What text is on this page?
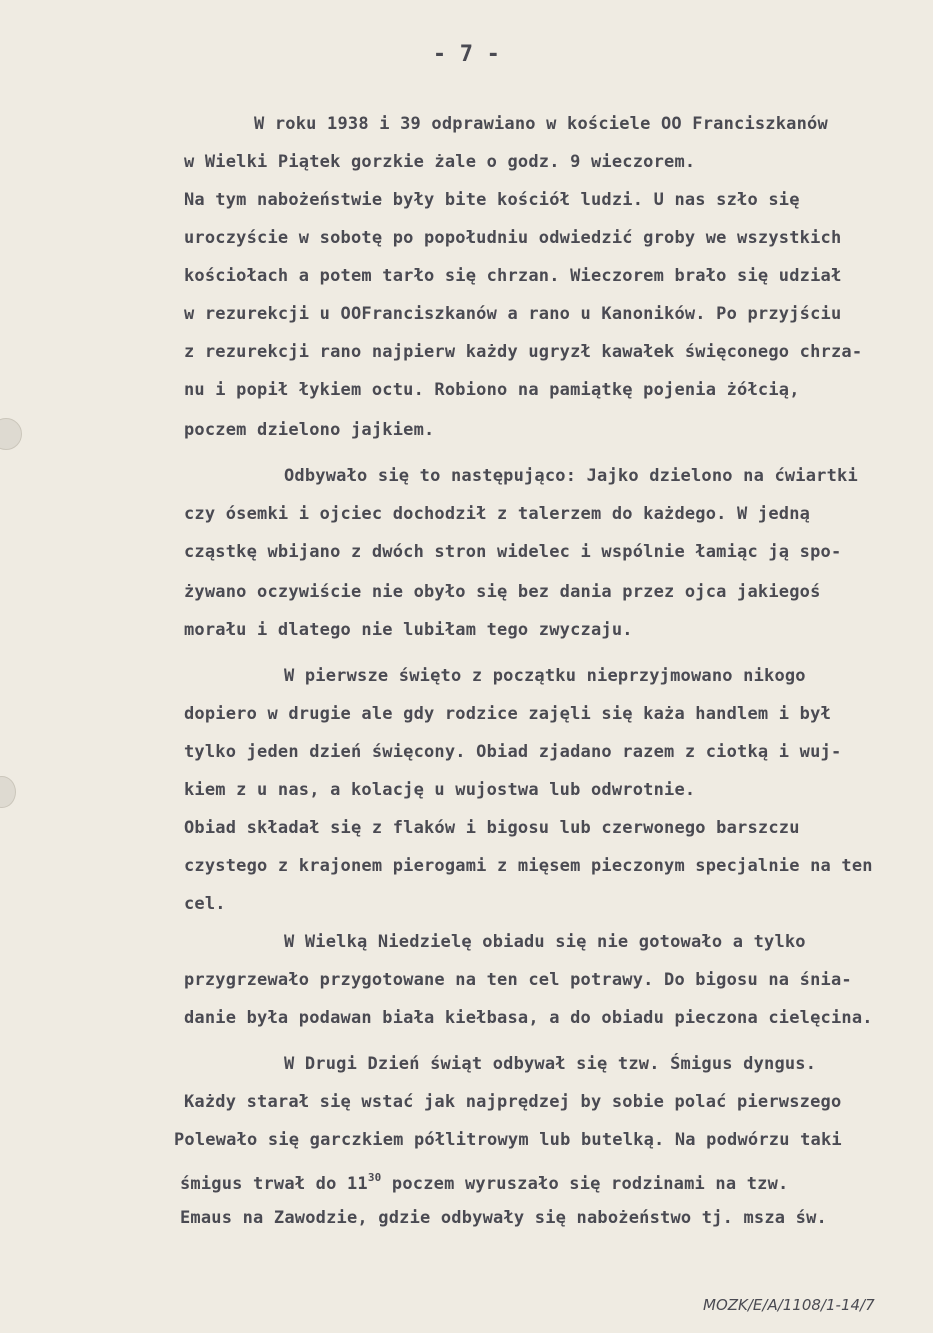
- 7 -
W roku 1938 i 39 odprawiano w kościele OO Franciszkanów
w Wielki Piątek gorzkie żale o godz. 9 wieczorem.
Na tym nabożeństwie były bite kościół ludzi. U nas szło się
uroczyście w sobotę po popołudniu odwiedzić groby we wszystkich
kościołach a potem tarło się chrzan. Wieczorem brało się udział
w rezurekcji u OOFranciszkanów a rano u Kanoników. Po przyjściu
z rezurekcji rano najpierw każdy ugryzł kawałek święconego chrza-
nu i popił łykiem octu. Robiono na pamiątkę pojenia żółcią,
poczem dzielono jajkiem.
Odbywało się to następująco: Jajko dzielono na ćwiartki
czy ósemki i ojciec dochodził z talerzem do każdego. W jedną
cząstkę wbijano z dwóch stron widelec i wspólnie łamiąc ją spo-
żywano oczywiście nie obyło się bez dania przez ojca jakiegoś
morału i dlatego nie lubiłam tego zwyczaju.
W pierwsze święto z początku nieprzyjmowano nikogo
dopiero w drugie ale gdy rodzice zajęli się każa handlem i był
tylko jeden dzień święcony. Obiad zjadano razem z ciotką i wuj-
kiem z u nas, a kolację u wujostwa lub odwrotnie.
Obiad składał się z flaków i bigosu lub czerwonego barszczu
czystego z krajonem pierogami z mięsem pieczonym specjalnie na ten
cel.
W Wielką Niedzielę obiadu się nie gotowało a tylko
przygrzewało przygotowane na ten cel potrawy. Do bigosu na śnia-
danie była podawan biała kiełbasa, a do obiadu pieczona cielęcina.
W Drugi Dzień świąt odbywał się tzw. Śmigus dyngus.
Każdy starał się wstać jak najprędzej by sobie polać pierwszego
Polewało się garczkiem półlitrowym lub butelką. Na podwórzu taki
śmigus trwał do $11^{30}$ poczem wyruszało się rodzinami na tzw.
Emaus na Zawodzie, gdzie odbywały się nabożeństwo tj. msza św.
MOZK/E/A/1108/1-14/7
